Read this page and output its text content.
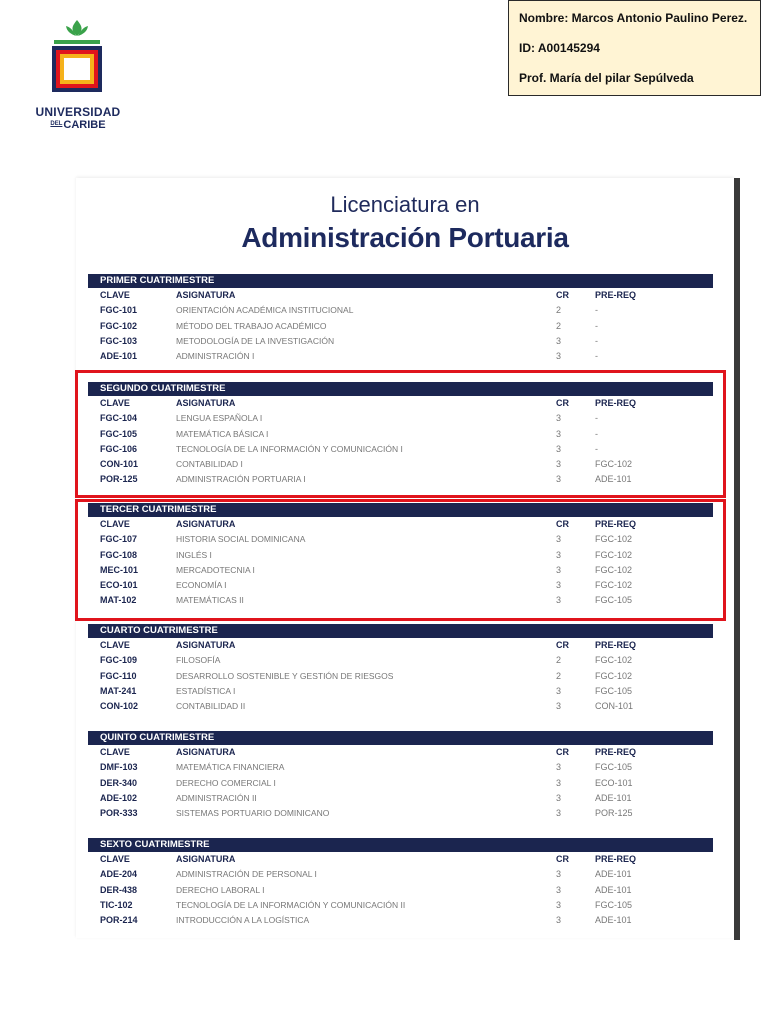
UNIVERSIDAD
$^{DEL}$CARIBE
Nombre: Marcos Antonio Paulino Perez.
ID: A00145294
Prof. María del pilar Sepúlveda
Licenciatura en
Administración Portuaria
PRIMER CUATRIMESTRE
CLAVE	ASIGNATURA	CR	PRE-REQ
FGC-101	ORIENTACIÓN ACADÉMICA INSTITUCIONAL	2	-
FGC-102	MÉTODO DEL TRABAJO ACADÉMICO	2	-
FGC-103	METODOLOGÍA DE LA INVESTIGACIÓN	3	-
ADE-101	ADMINISTRACIÓN I	3	-
SEGUNDO CUATRIMESTRE
CLAVE	ASIGNATURA	CR	PRE-REQ
FGC-104	LENGUA ESPAÑOLA I	3	-
FGC-105	MATEMÁTICA BÁSICA I	3	-
FGC-106	TECNOLOGÍA DE LA INFORMACIÓN Y COMUNICACIÓN I	3	-
CON-101	CONTABILIDAD I	3	FGC-102
POR-125	ADMINISTRACIÓN PORTUARIA I	3	ADE-101
TERCER CUATRIMESTRE
CLAVE	ASIGNATURA	CR	PRE-REQ
FGC-107	HISTORIA SOCIAL DOMINICANA	3	FGC-102
FGC-108	INGLÉS I	3	FGC-102
MEC-101	MERCADOTECNIA I	3	FGC-102
ECO-101	ECONOMÍA I	3	FGC-102
MAT-102	MATEMÁTICAS II	3	FGC-105
CUARTO CUATRIMESTRE
CLAVE	ASIGNATURA	CR	PRE-REQ
FGC-109	FILOSOFÍA	2	FGC-102
FGC-110	DESARROLLO SOSTENIBLE Y GESTIÓN DE RIESGOS	2	FGC-102
MAT-241	ESTADÍSTICA I	3	FGC-105
CON-102	CONTABILIDAD II	3	CON-101
QUINTO CUATRIMESTRE
CLAVE	ASIGNATURA	CR	PRE-REQ
DMF-103	MATEMÁTICA FINANCIERA	3	FGC-105
DER-340	DERECHO COMERCIAL I	3	ECO-101
ADE-102	ADMINISTRACIÓN II	3	ADE-101
POR-333	SISTEMAS PORTUARIO DOMINICANO	3	POR-125
SEXTO CUATRIMESTRE
CLAVE	ASIGNATURA	CR	PRE-REQ
ADE-204	ADMINISTRACIÓN DE PERSONAL I	3	ADE-101
DER-438	DERECHO LABORAL I	3	ADE-101
TIC-102	TECNOLOGÍA DE LA INFORMACIÓN Y COMUNICACIÓN II	3	FGC-105
POR-214	INTRODUCCIÓN A LA LOGÍSTICA	3	ADE-101
